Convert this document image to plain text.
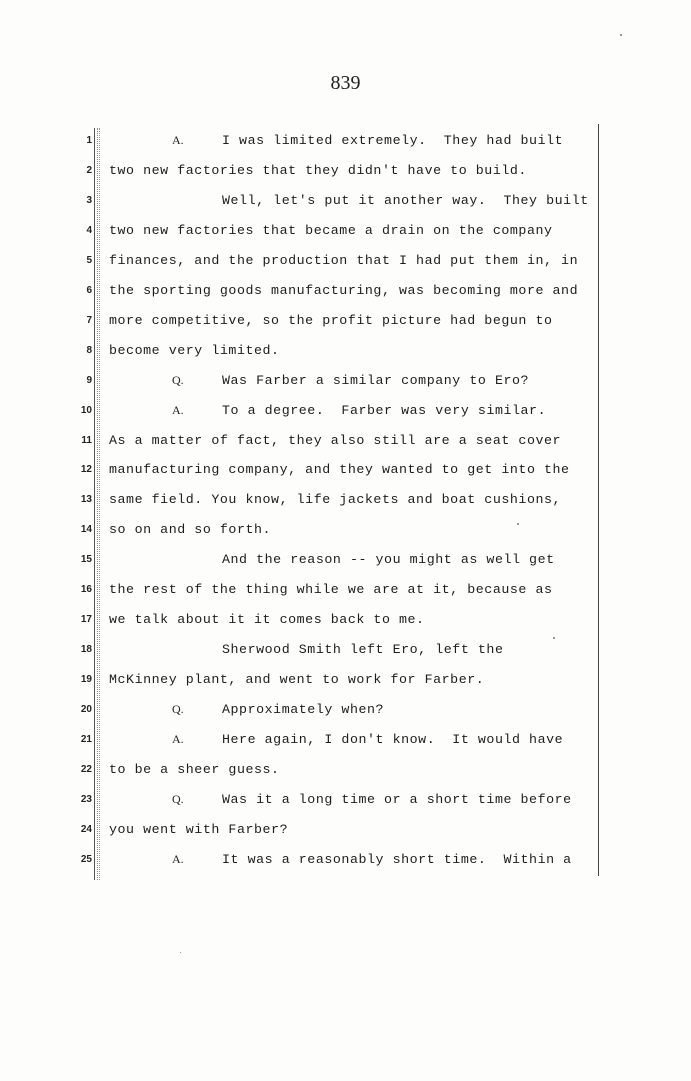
839
1	A.	I was limited extremely.  They had built
2 two new factories that they didn't have to build.
3	Well, let's put it another way.  They built
4 two new factories that became a drain on the company
5 finances, and the production that I had put them in, in
6 the sporting goods manufacturing, was becoming more and
7 more competitive, so the profit picture had begun to
8 become very limited.
9	Q.	Was Farber a similar company to Ero?
10	A.	To a degree.  Farber was very similar.
11 As a matter of fact, they also still are a seat cover
12 manufacturing company, and they wanted to get into the
13 same field. You know, life jackets and boat cushions,
14 so on and so forth.
15	And the reason -- you might as well get
16 the rest of the thing while we are at it, because as
17 we talk about it it comes back to me.
18	Sherwood Smith left Ero, left the
19 McKinney plant, and went to work for Farber.
20	Q.	Approximately when?
21	A.	Here again, I don't know.  It would have
22 to be a sheer guess.
23	Q.	Was it a long time or a short time before
24 you went with Farber?
25	A.	It was a reasonably short time.  Within a
